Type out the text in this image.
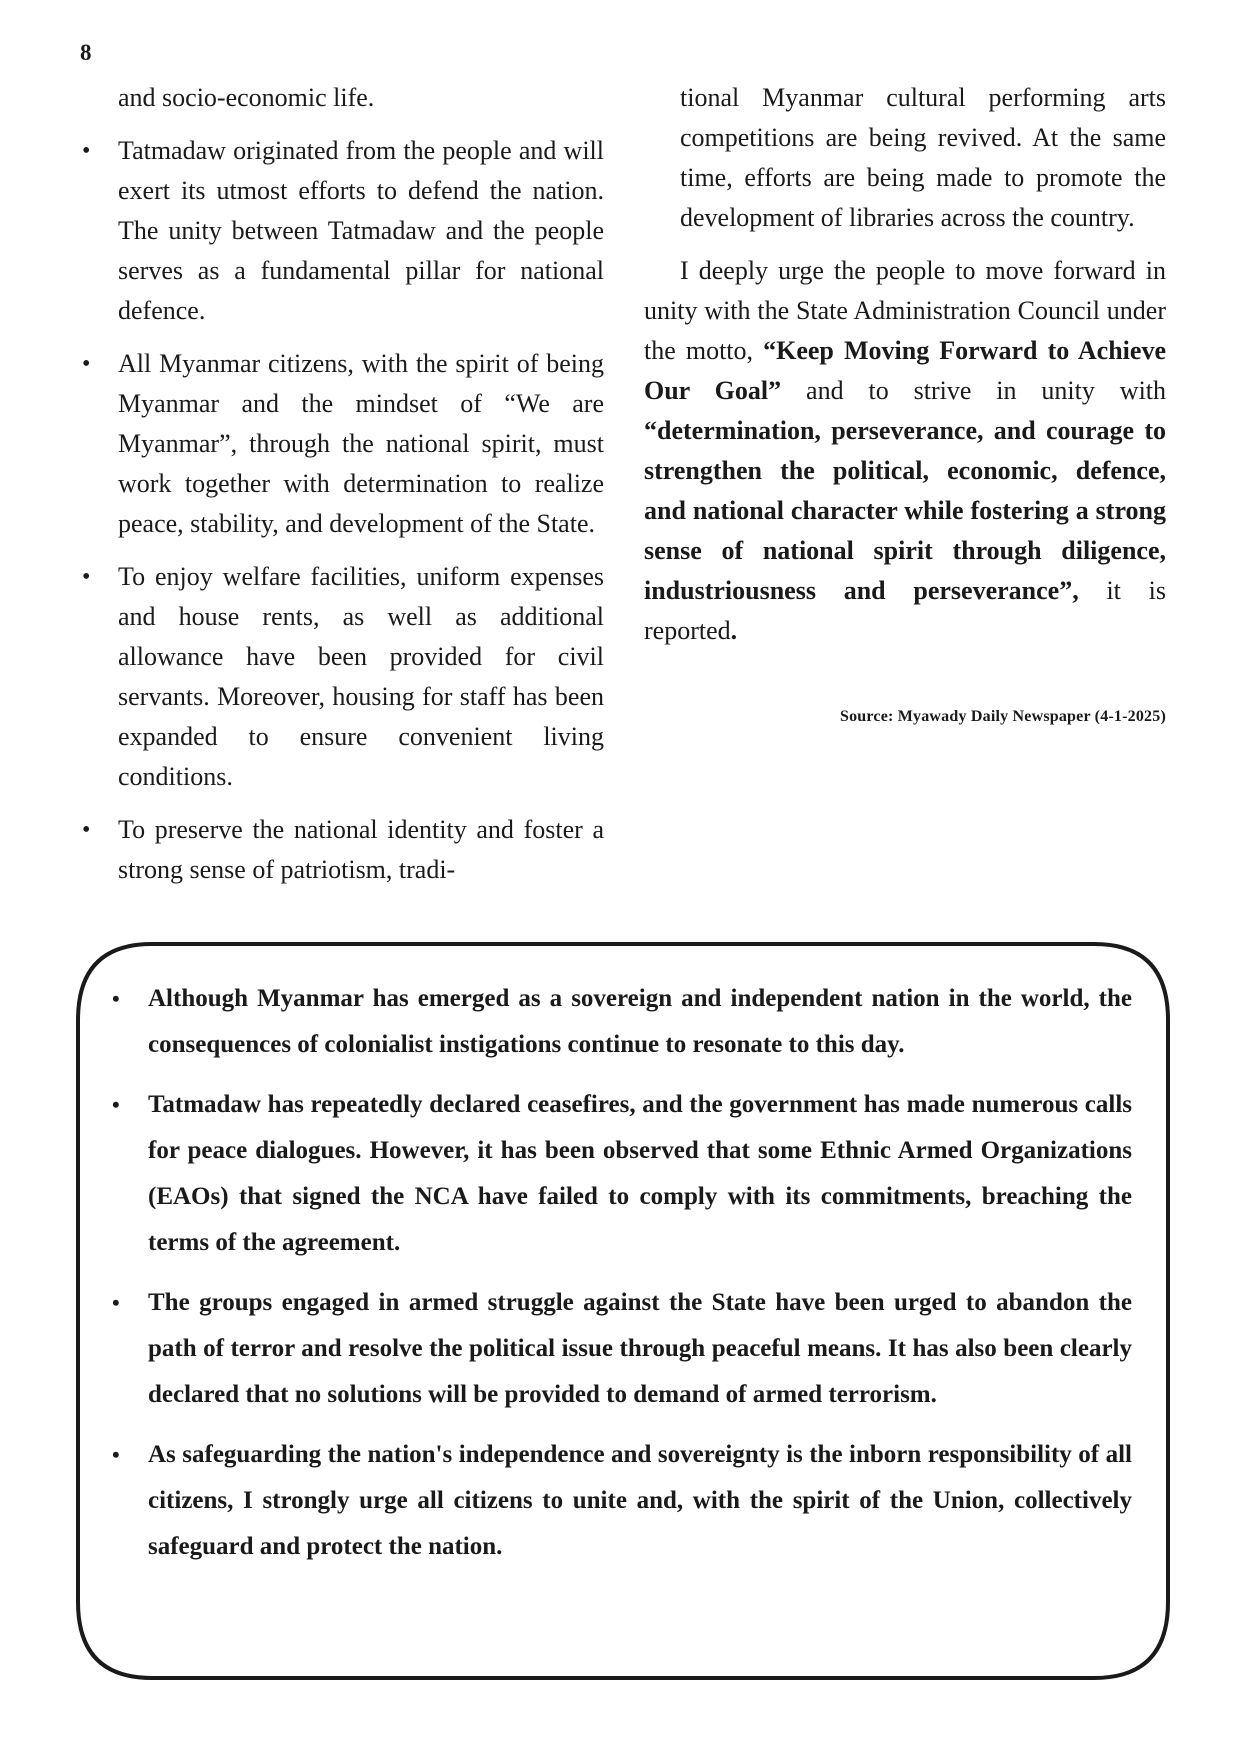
8

and socio-economic life.

• Tatmadaw originated from the people and will exert its utmost efforts to defend the nation. The unity between Tatmadaw and the people serves as a fundamental pillar for national defence.
• All Myanmar citizens, with the spirit of being Myanmar and the mindset of “We are Myanmar”, through the national spirit, must work together with determination to realize peace, stability, and development of the State.
• To enjoy welfare facilities, uniform expenses and house rents, as well as additional allowance have been provided for civil servants. Moreover, housing for staff has been expanded to ensure convenient living conditions.
• To preserve the national identity and foster a strong sense of patriotism, tradi-

tional Myanmar cultural performing arts competitions are being revived. At the same time, efforts are being made to promote the development of libraries across the country.

I deeply urge the people to move forward in unity with the State Administration Council under the motto, “Keep Moving Forward to Achieve Our Goal” and to strive in unity with “determination, perseverance, and courage to strengthen the political, economic, defence, and national character while fostering a strong sense of national spirit through diligence, industriousness and perseverance”, it is reported.

Source: Myawady Daily Newspaper (4-1-2025)

• Although Myanmar has emerged as a sovereign and independent nation in the world, the consequences of colonialist instigations continue to resonate to this day.
• Tatmadaw has repeatedly declared ceasefires, and the government has made numerous calls for peace dialogues. However, it has been observed that some Ethnic Armed Organizations (EAOs) that signed the NCA have failed to comply with its commitments, breaching the terms of the agreement.
• The groups engaged in armed struggle against the State have been urged to abandon the path of terror and resolve the political issue through peaceful means. It has also been clearly declared that no solutions will be provided to demand of armed terrorism.
• As safeguarding the nation's independence and sovereignty is the inborn responsibility of all citizens, I strongly urge all citizens to unite and, with the spirit of the Union, collectively safeguard and protect the nation.
